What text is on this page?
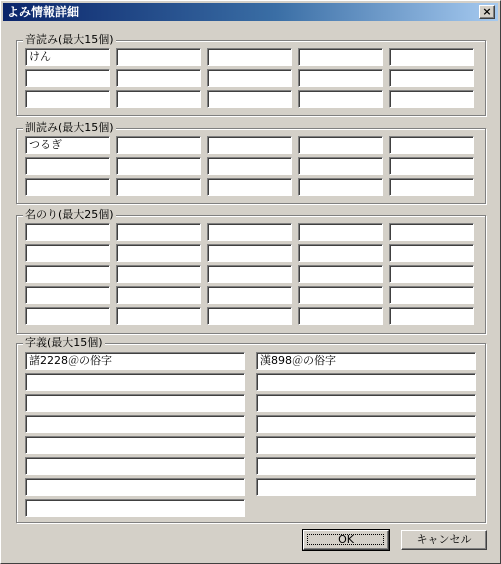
よみ情報詳細	×
音読み(最大15個)
訓読み(最大15個)
名のり(最大25個)
字義(最大15個)
OK	キャンセル
けん
つるぎ
諸2228＠の俗字	漢898＠の俗字
